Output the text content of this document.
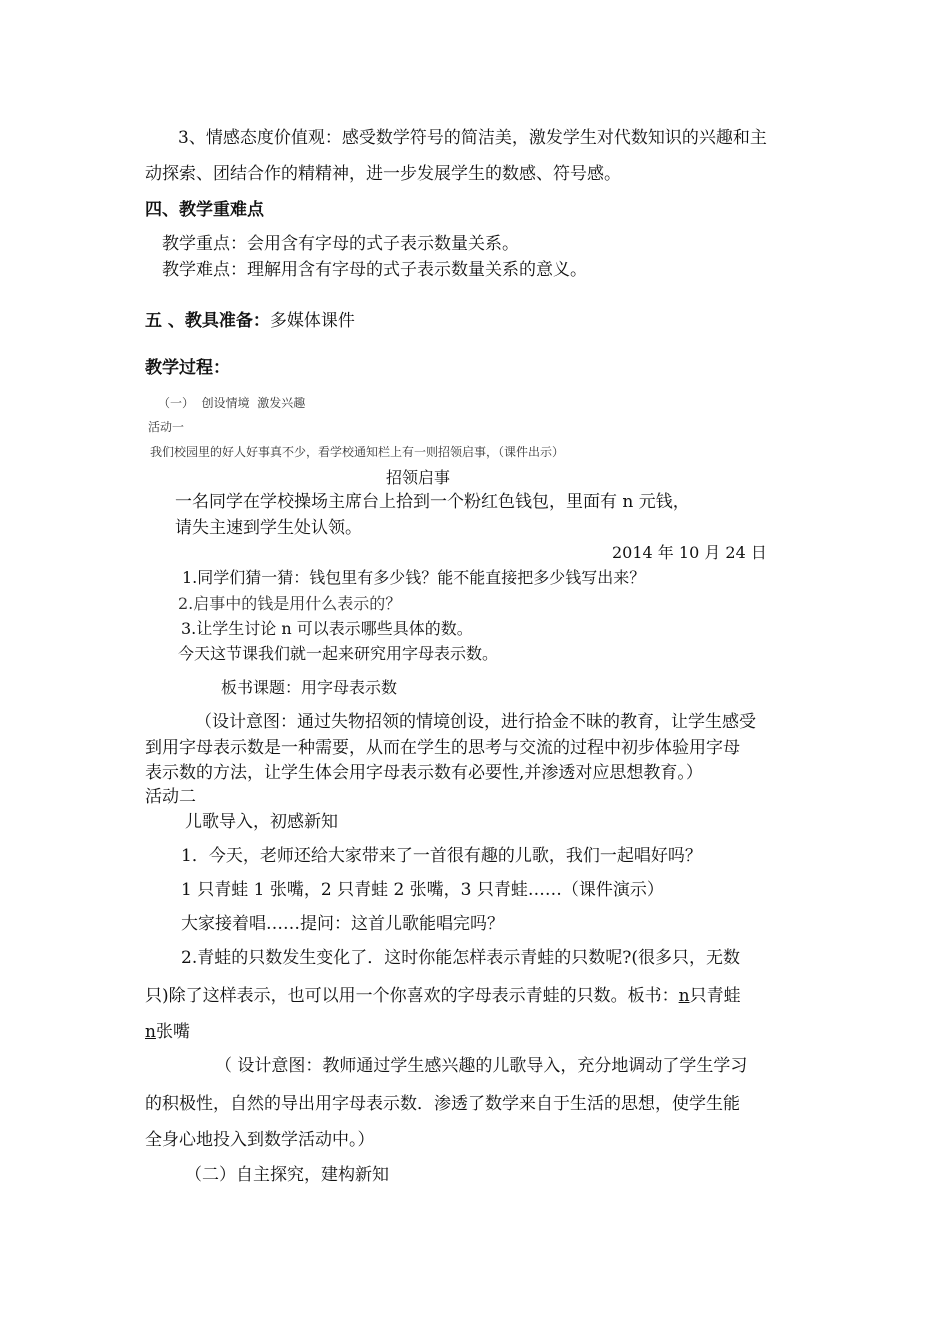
3、情感态度价值观：感受数学符号的简洁美，激发学生对代数知识的兴趣和主
动探索、团结合作的精精神，进一步发展学生的数感、符号感。
四、教学重难点
教学重点：会用含有字母的式子表示数量关系。
教学难点：理解用含有字母的式子表示数量关系的意义。
五 、教具准备：多媒体课件
教学过程：
（一）  创设情境  激发兴趣
活动一
我们校园里的好人好事真不少，看学校通知栏上有一则招领启事，（课件出示）
招领启事
一名同学在学校操场主席台上拾到一个粉红色钱包，里面有 n 元钱，
请失主速到学生处认领。
2014 年 10 月 24 日
1.同学们猜一猜：钱包里有多少钱？能不能直接把多少钱写出来？
2.启事中的钱是用什么表示的？
3.让学生讨论 n 可以表示哪些具体的数。
今天这节课我们就一起来研究用字母表示数。
板书课题：用字母表示数
（设计意图：通过失物招领的情境创设，进行拾金不昧的教育，让学生感受
到用字母表示数是一种需要，从而在学生的思考与交流的过程中初步体验用字母
表示数的方法，让学生体会用字母表示数有必要性,并渗透对应思想教育。）
活动二
儿歌导入，初感新知
1．今天，老师还给大家带来了一首很有趣的儿歌，我们一起唱好吗？
1 只青蛙 1 张嘴，2 只青蛙 2 张嘴，3 只青蛙……（课件演示）
大家接着唱……提问：这首儿歌能唱完吗？
2.青蛙的只数发生变化了．这时你能怎样表示青蛙的只数呢?(很多只，无数
只)除了这样表示，也可以用一个你喜欢的字母表示青蛙的只数。板书：n只青蛙
n张嘴
（ 设计意图：教师通过学生感兴趣的儿歌导入，充分地调动了学生学习
的积极性，自然的导出用字母表示数．渗透了数学来自于生活的思想，使学生能
全身心地投入到数学活动中。）
（二）自主探究，建构新知
